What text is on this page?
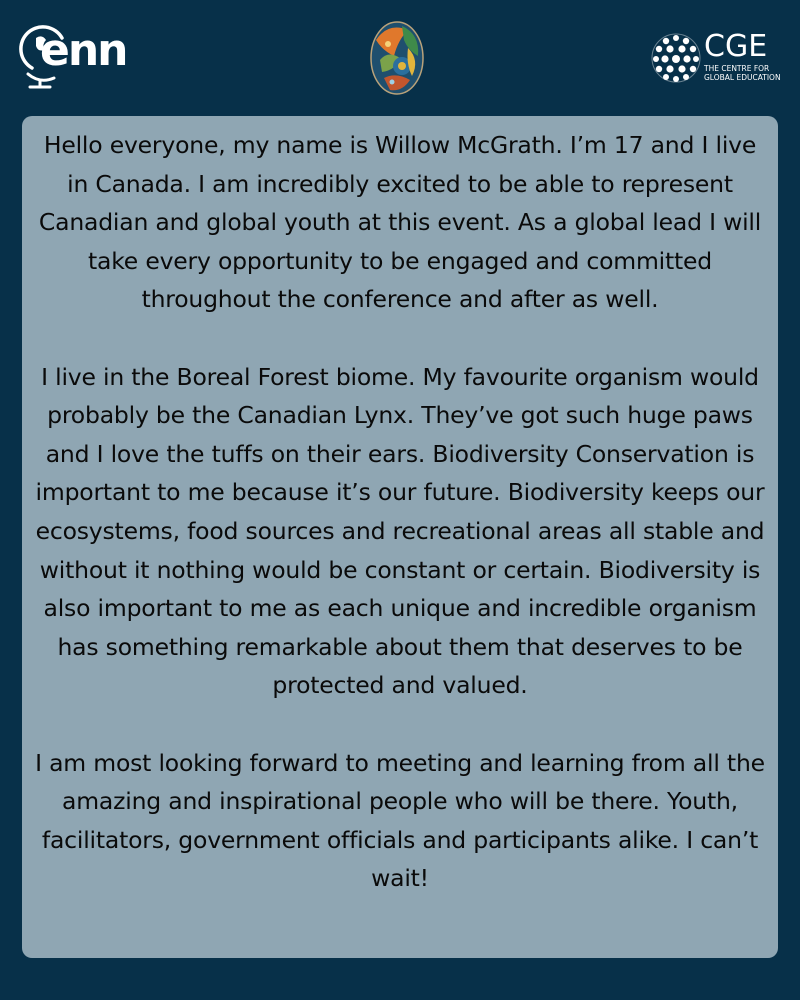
enn	CGE
THE CENTRE FOR
GLOBAL EDUCATION

Hello everyone, my name is Willow McGrath. I’m 17 and I live in Canada. I am incredibly excited to be able to represent Canadian and global youth at this event. As a global lead I will take every opportunity to be engaged and committed throughout the conference and after as well.

I live in the Boreal Forest biome. My favourite organism would probably be the Canadian Lynx. They’ve got such huge paws and I love the tuffs on their ears. Biodiversity Conservation is important to me because it’s our future. Biodiversity keeps our ecosystems, food sources and recreational areas all stable and without it nothing would be constant or certain. Biodiversity is also important to me as each unique and incredible organism has something remarkable about them that deserves to be protected and valued.

I am most looking forward to meeting and learning from all the amazing and inspirational people who will be there. Youth, facilitators, government officials and participants alike. I can’t wait!
